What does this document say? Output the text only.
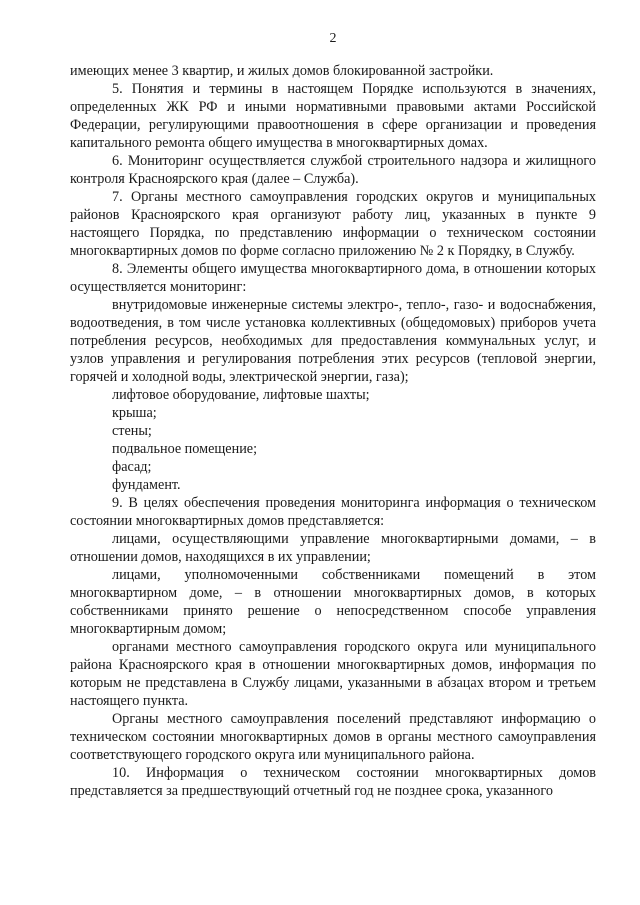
2

имеющих менее 3 квартир, и жилых домов блокированной застройки.

5. Понятия и термины в настоящем Порядке используются в значениях, определенных ЖК РФ и иными нормативными правовыми актами Российской Федерации, регулирующими правоотношения в сфере организации и проведения капитального ремонта общего имущества в многоквартирных домах.

6. Мониторинг осуществляется службой строительного надзора и жилищного контроля Красноярского края (далее – Служба).

7. Органы местного самоуправления городских округов и муниципальных районов Красноярского края организуют работу лиц, указанных в пункте 9 настоящего Порядка, по представлению информации о техническом состоянии многоквартирных домов по форме согласно приложению № 2 к Порядку, в Службу.

8. Элементы общего имущества многоквартирного дома, в отношении которых осуществляется мониторинг:

внутридомовые инженерные системы электро-, тепло-, газо- и водоснабжения, водоотведения, в том числе установка коллективных (общедомовых) приборов учета потребления ресурсов, необходимых для предоставления коммунальных услуг, и узлов управления и регулирования потребления этих ресурсов (тепловой энергии, горячей и холодной воды, электрической энергии, газа);

лифтовое оборудование, лифтовые шахты;

крыша;

стены;

подвальное помещение;

фасад;

фундамент.

9. В целях обеспечения проведения мониторинга информация о техническом состоянии многоквартирных домов представляется:

лицами, осуществляющими управление многоквартирными домами, – в отношении домов, находящихся в их управлении;

лицами, уполномоченными собственниками помещений в этом многоквартирном доме, – в отношении многоквартирных домов, в которых собственниками принято решение о непосредственном способе управления многоквартирным домом;

органами местного самоуправления городского округа или муниципального района Красноярского края в отношении многоквартирных домов, информация по которым не представлена в Службу лицами, указанными в абзацах втором и третьем настоящего пункта.

Органы местного самоуправления поселений представляют информацию о техническом состоянии многоквартирных домов в органы местного самоуправления соответствующего городского округа или муниципального района.

10. Информация о техническом состоянии многоквартирных домов представляется за предшествующий отчетный год не позднее срока, указанного
